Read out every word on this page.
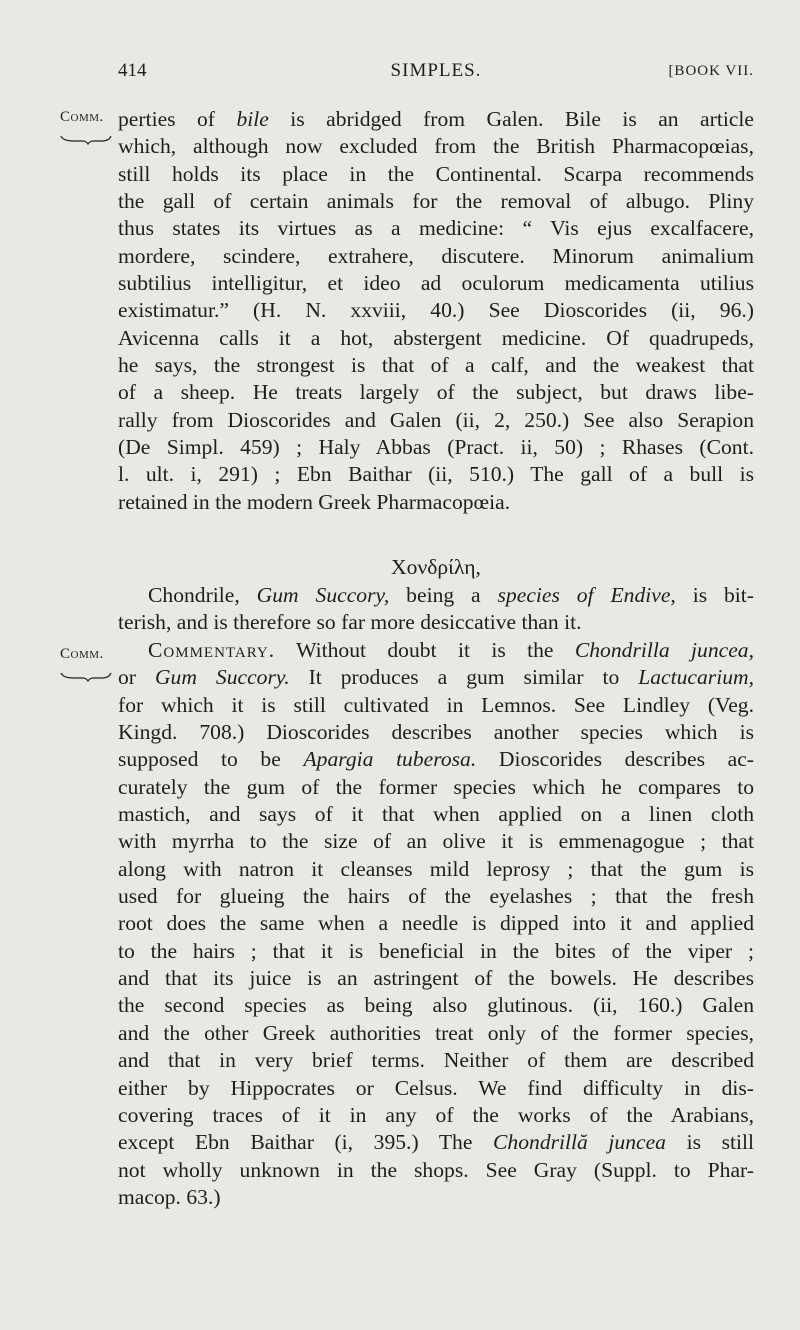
414	SIMPLES.	[BOOK VII.
Comm.
Comm.
perties of bile is abridged from Galen. Bile is an article
which, although now excluded from the British Pharmacopœias,
still holds its place in the Continental. Scarpa recommends
the gall of certain animals for the removal of albugo. Pliny
thus states its virtues as a medicine: “ Vis ejus excalfacere,
mordere, scindere, extrahere, discutere. Minorum animalium
subtilius intelligitur, et ideo ad oculorum medicamenta utilius
existimatur.” (H. N. xxviii, 40.) See Dioscorides (ii, 96.)
Avicenna calls it a hot, abstergent medicine. Of quadrupeds,
he says, the strongest is that of a calf, and the weakest that
of a sheep. He treats largely of the subject, but draws libe-
rally from Dioscorides and Galen (ii, 2, 250.) See also Serapion
(De Simpl. 459) ; Haly Abbas (Pract. ii, 50) ; Rhases (Cont.
l. ult. i, 291) ; Ebn Baithar (ii, 510.) The gall of a bull is
retained in the modern Greek Pharmacopœia.
Χονδρίλη,
Chondrile, Gum Succory, being a species of Endive, is bit-
terish, and is therefore so far more desiccative than it.
Commentary. Without doubt it is the Chondrilla juncea,
or Gum Succory. It produces a gum similar to Lactucarium,
for which it is still cultivated in Lemnos. See Lindley (Veg.
Kingd. 708.) Dioscorides describes another species which is
supposed to be Apargia tuberosa. Dioscorides describes ac-
curately the gum of the former species which he compares to
mastich, and says of it that when applied on a linen cloth
with myrrha to the size of an olive it is emmenagogue ; that
along with natron it cleanses mild leprosy ; that the gum is
used for glueing the hairs of the eyelashes ; that the fresh
root does the same when a needle is dipped into it and applied
to the hairs ; that it is beneficial in the bites of the viper ;
and that its juice is an astringent of the bowels. He describes
the second species as being also glutinous. (ii, 160.) Galen
and the other Greek authorities treat only of the former species,
and that in very brief terms. Neither of them are described
either by Hippocrates or Celsus. We find difficulty in dis-
covering traces of it in any of the works of the Arabians,
except Ebn Baithar (i, 395.) The Chondrillă juncea is still
not wholly unknown in the shops. See Gray (Suppl. to Phar-
macop. 63.)
